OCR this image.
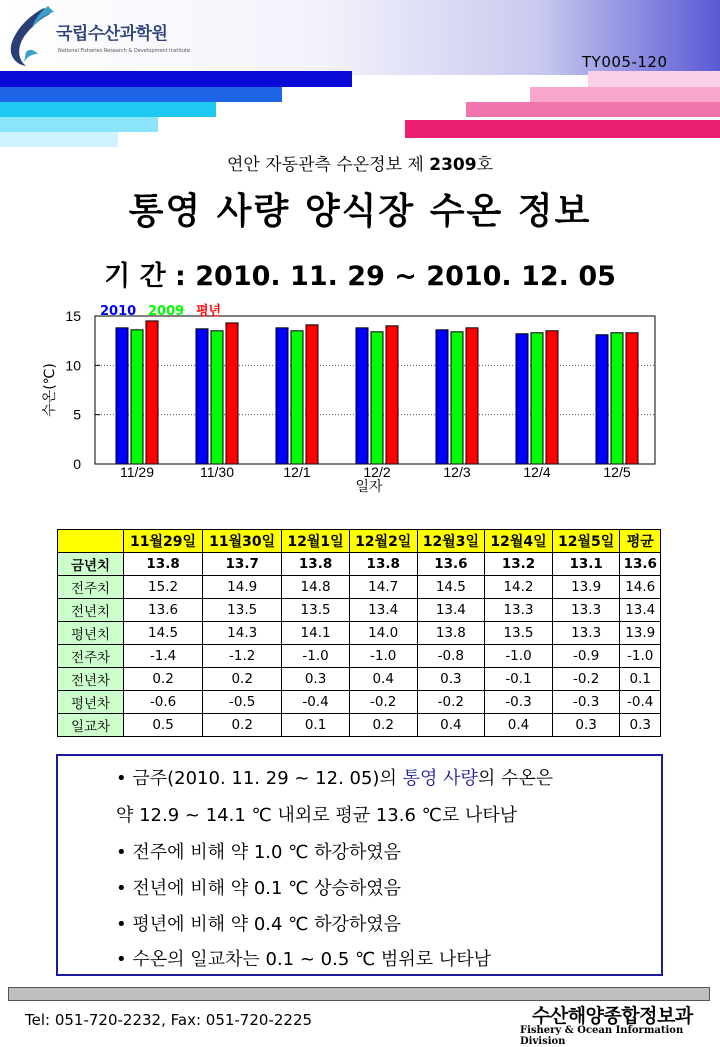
국립수산과학원
National Fisheries Research & Development Institute
TY005-120
연안 자동관측 수온정보 제 2309호
통영 사량 양식장 수온 정보
기 간 : 2010. 11. 29 ~ 2010. 12. 05
0
5
10
15
11/29	11/30	12/1	12/2	12/3	12/4	12/5
일자
수온(℃)
2010 2009 평년
	11월29일	11월30일	12월1일	12월2일	12월3일	12월4일	12월5일	평균
금년치	13.8	13.7	13.8	13.8	13.6	13.2	13.1	13.6
전주치	15.2	14.9	14.8	14.7	14.5	14.2	13.9	14.6
전년치	13.6	13.5	13.5	13.4	13.4	13.3	13.3	13.4
평년치	14.5	14.3	14.1	14.0	13.8	13.5	13.3	13.9
전주차	-1.4	-1.2	-1.0	-1.0	-0.8	-1.0	-0.9	-1.0
전년차	0.2	0.2	0.3	0.4	0.3	-0.1	-0.2	0.1
평년차	-0.6	-0.5	-0.4	-0.2	-0.2	-0.3	-0.3	-0.4
일교차	0.5	0.2	0.1	0.2	0.4	0.4	0.3	0.3
• 금주(2010. 11. 29 ~ 12. 05)의 통영 사량의 수온은
약 12.9 ~ 14.1 ℃ 내외로 평균 13.6 ℃로 나타남
• 전주에 비해 약 1.0 ℃ 하강하였음
• 전년에 비해 약 0.1 ℃ 상승하였음
• 평년에 비해 약 0.4 ℃ 하강하였음
• 수온의 일교차는 0.1 ~ 0.5 ℃ 범위로 나타남
Tel: 051-720-2232, Fax: 051-720-2225	수산해양종합정보과
Fishery & Ocean Information Division
